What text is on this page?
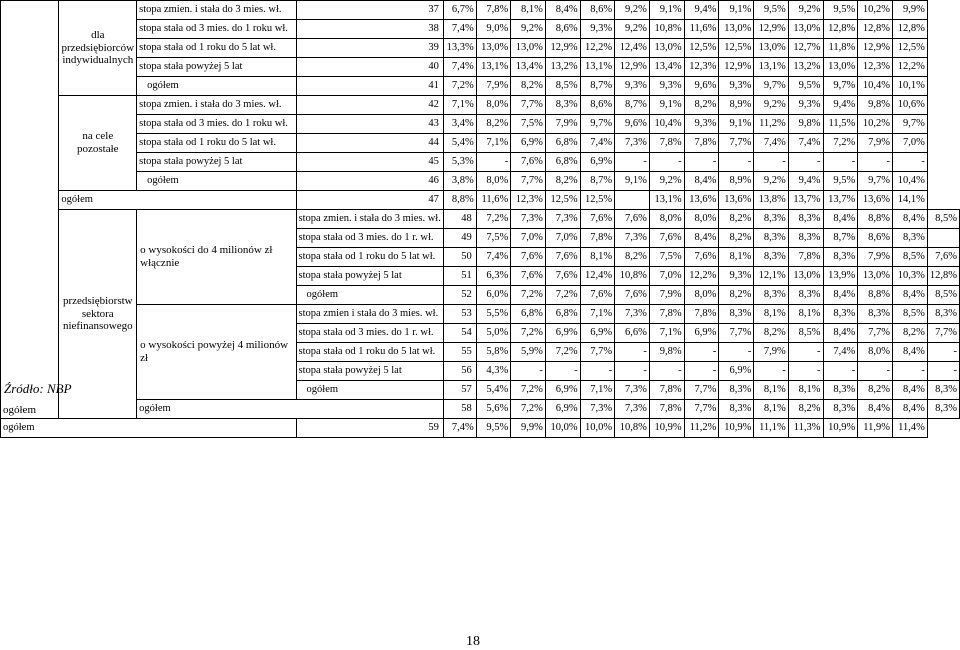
ogółem	dla przedsiębiorców indywidualnych	stopa zmien. i stała do 3 mies. wł.	37	6,7%	7,8%	8,1%	8,4%	8,6%	9,2%	9,1%	9,4%	9,1%	9,5%	9,2%	9,5%	10,2%	9,9%	
		stopa stała od 3 mies. do 1 roku wł.	38	7,4%	9,0%	9,2%	8,6%	9,3%	9,2%	10,8%	11,6%	13,0%	12,9%	13,0%	12,8%	12,8%	12,8%	
		stopa stała od 1 roku do 5 lat wł.	39	13,3%	13,0%	13,0%	12,9%	12,2%	12,4%	13,0%	12,5%	12,5%	13,0%	12,7%	11,8%	12,9%	12,5%	
		stopa stała powyżej 5 lat	40	7,4%	13,1%	13,4%	13,2%	13,1%	12,9%	13,4%	12,3%	12,9%	13,1%	13,2%	13,0%	12,3%	12,2%	
		ogółem	41	7,2%	7,9%	8,2%	8,5%	8,7%	9,3%	9,3%	9,6%	9,3%	9,7%	9,5%	9,7%	10,4%	10,1%	
	na cele pozostałe	stopa zmien. i stała do 3 mies. wł.	42	7,1%	8,0%	7,7%	8,3%	8,6%	8,7%	9,1%	8,2%	8,9%	9,2%	9,3%	9,4%	9,8%	10,6%	
		stopa stała od 3 mies. do 1 roku wł.	43	3,4%	8,2%	7,5%	7,9%	9,7%	9,6%	10,4%	9,3%	9,1%	11,2%	9,8%	11,5%	10,2%	9,7%	
		stopa stała od 1 roku do 5 lat wł.	44	5,4%	7,1%	6,9%	6,8%	7,4%	7,3%	7,8%	7,8%	7,7%	7,4%	7,4%	7,2%	7,9%	7,0%	
		stopa stała powyżej 5 lat	45	5,3%	-	7,6%	6,8%	6,9%	-	-	-	-	-	-	-	-	-	
		ogółem	46	3,8%	8,0%	7,7%	8,2%	8,7%	9,1%	9,2%	8,4%	8,9%	9,2%	9,4%	9,5%	9,7%	10,4%	
	ogółem		47	8,8%	11,6%	12,3%	12,5%	12,5%		13,1%	13,6%	13,6%	13,8%	13,7%	13,7%	13,6%	14,1%	
	przedsiębiorstw sektora niefinansowego	o wysokości do 4 milionów zł włącznie	stopa zmien. i stała do 3 mies. wł.	48	7,2%	7,3%	7,3%	7,6%	7,6%	8,0%	8,0%	8,2%	8,3%	8,3%	8,4%	8,8%	8,4%	8,5%
			stopa stała od 3 mies. do 1 r. wł.	49	7,5%	7,0%	7,0%	7,8%	7,3%	7,6%	8,4%	8,2%	8,3%	8,3%	8,7%	8,6%	8,3%	
			stopa stała od 1 roku do 5 lat wł.	50	7,4%	7,6%	7,6%	8,1%	8,2%	7,5%	7,6%	8,1%	8,3%	7,8%	8,3%	7,9%	8,5%	7,6%
			stopa stała powyżej 5 lat	51	6,3%	7,6%	7,6%	12,4%	10,8%	7,0%	12,2%	9,3%	12,1%	13,0%	13,9%	13,0%	10,3%	12,8%
			ogółem	52	6,0%	7,2%	7,2%	7,6%	7,6%	7,9%	8,0%	8,2%	8,3%	8,3%	8,4%	8,8%	8,4%	8,5%
		o wysokości powyżej 4 milionów zł	stopa zmien i stała do 3 mies. wł.	53	5,5%	6,8%	6,8%	7,1%	7,3%	7,8%	7,8%	8,3%	8,1%	8,1%	8,3%	8,3%	8,5%	8,3%
			stopa stała od 3 mies. do 1 r. wł.	54	5,0%	7,2%	6,9%	6,9%	6,6%	7,1%	6,9%	7,7%	8,2%	8,5%	8,4%	7,7%	8,2%	7,7%
			stopa stała od 1 roku do 5 lat wł.	55	5,8%	5,9%	7,2%	7,7%	-	9,8%	-	-	7,9%	-	7,4%	8,0%	8,4%	-
			stopa stała powyżej 5 lat	56	4,3%	-	-	-	-	-	-	6,9%	-	-	-	-	-	-
			ogółem	57	5,4%	7,2%	6,9%	7,1%	7,3%	7,8%	7,7%	8,3%	8,1%	8,1%	8,3%	8,2%	8,4%	8,3%
		ogółem		58	5,6%	7,2%	6,9%	7,3%	7,3%	7,8%	7,7%	8,3%	8,1%	8,2%	8,3%	8,4%	8,4%	8,3%
ogółem			59	7,4%	9,5%	9,9%	10,0%	10,0%	10,8%	10,9%	11,2%	10,9%	11,1%	11,3%	10,9%	11,9%	11,4%	
Źródło: NBP
18
